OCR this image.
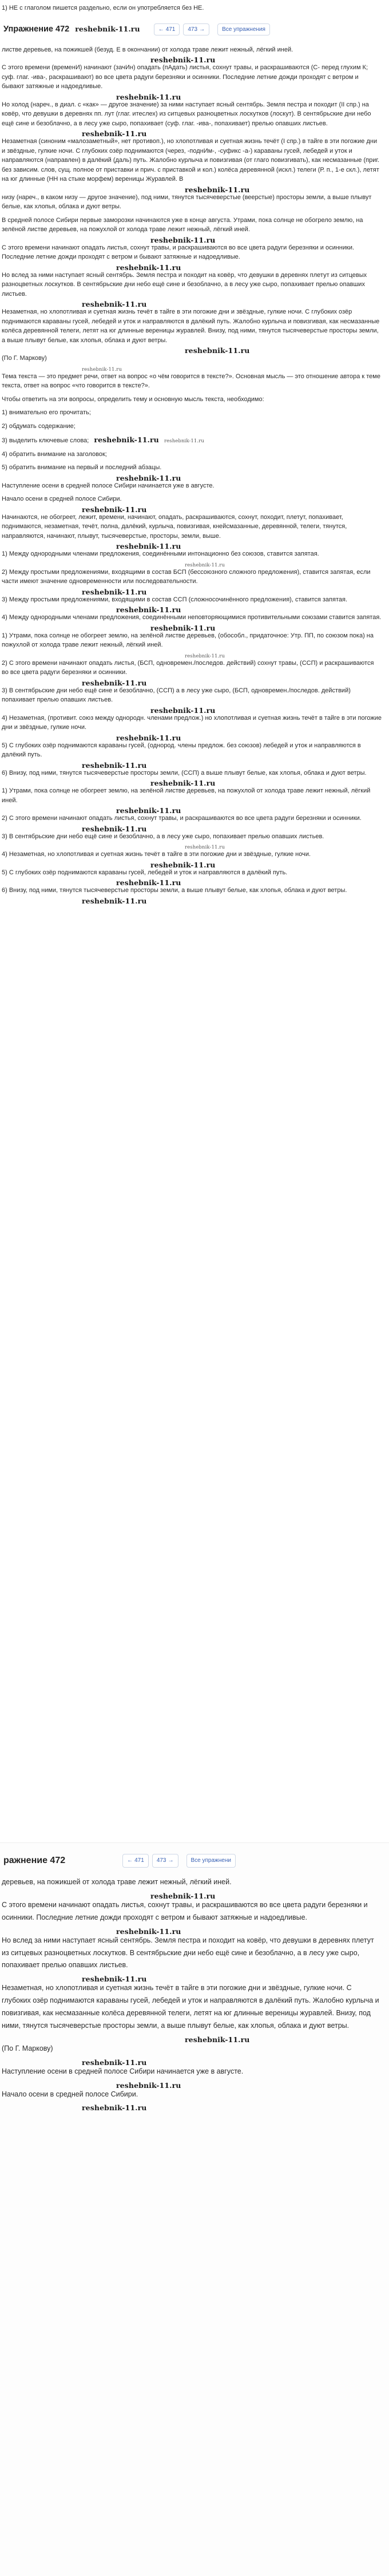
1) НЕ с глаголом пишется раздельно, если он употребляется без НЕ.

Упражнение 472 reshebnik-11.ru	← 471 473 →	Все упражнения

листве деревьев, на пожикшей (безуд. Е в окончании) от холода траве лежит нежный, лёгкий иней.

reshebnik-11.ru

С этого времени (временИ) начинают (зачИн) опадать (пАдать) листья, сохнут травы, и раскрашиваются (С- перед глухим К; суф. глаг. -ива-, раскрашивают) во все цвета радуги березняки и осинники. Последние летние дожди проходят с ветром и бывают затяжные и надоедливые.

reshebnik-11.ru

Но холод (нареч., в диал. с «как» — другое значение) за ними наступает ясный сентябрь. Земля пестра и походит (II спр.) на ковёр, что девушки в деревнях пп. лут (глаг. итеслех) из ситцевых разноцветных лоскутков (лоскут). В сентябрьские дни небо ещё сине и безоблачно, а в лесу уже сыро, попахивает (суф. глаг. -ива-, попахивает) прелью опавших листьев.

reshebnik-11.ru

Незаметная (синоним «малозаметный», нет противоп.), но хлопотливая и суетная жизнь течёт (I спр.) в тайге в эти погожие дни и звёздные, гулкие ночи. С глубоких озёр поднимаются (через, -поднИм-, -суфикс -а-) караваны гусей, лебедей и уток и направляются (направлен) в далёкий (даль) путь. Жалобно курлыча и повизгивая (от глаго повизгивать), как несмазанные (приг. без зависим. слов, сущ. полное от приставки и прич. с приставкой и кол.) колёса деревянной (искл.) телеги (Р. п., 1-е скл.), летят на юг длинные (НН на стыке морфем) вереницы Журавлей. В

reshebnik-11.ru

низу (нареч., в каком низу — другое значение), под ними, тянутся тысячеверстые (веерстые) просторы земли, а выше плывут белые, как хлопья, облака и дуют ветры.

В средней полосе Сибири первые заморозки начинаются уже в конце августа. Утрами, пока солнце не обогрело землю, на зелёной листве деревьев, на пожухлой от холода траве лежит нежный, лёгкий иней.

reshebnik-11.ru

С этого времени начинают опадать листья, сохнут травы, и раскрашиваются во все цвета радуги березняки и осинники. Последние летние дожди проходят с ветром и бывают затяжные и надоедливые.

reshebnik-11.ru

Но вслед за ними наступает ясный сентябрь. Земля пестра и походит на ковёр, что девушки в деревнях плетут из ситцевых разноцветных лоскутков. В сентябрьские дни небо ещё сине и безоблачно, а в лесу уже сыро, попахивает прелью опавших листьев.

reshebnik-11.ru

Незаметная, но хлопотливая и суетная жизнь течёт в тайге в эти погожие дни и звёздные, гулкие ночи. С глубоких озёр поднимаются караваны гусей, лебедей и уток и направляются в далёкий путь. Жалобно курлыча и повизгивая, как несмазанные колёса деревянной телеги, летят на юг длинные вереницы журавлей. Внизу, под ними, тянутся тысячеверстые просторы земли, а выше плывут белые, как хлопья, облака и дуют ветры.

reshebnik-11.ru

(По Г. Маркову)

reshebnik-11.ru

Тема текста — это предмет речи, ответ на вопрос «о чём говорится в тексте?». Основная мысль — это отношение автора к теме текста, ответ на вопрос «что говорится в тексте?».

Чтобы ответить на эти вопросы, определить тему и основную мысль текста, необходимо:

1) внимательно его прочитать;

2) обдумать содержание;

3) выделить ключевые слова; reshebnik-11.ru reshebnik-11.ru

4) обратить внимание на заголовок;

5) обратить внимание на первый и последний абзацы.

reshebnik-11.ru

Наступление осени в средней полосе Сибири начинается уже в августе.

Начало осени в средней полосе Сибири.

reshebnik-11.ru

Начинаются, не обогреет, лежит, времени, начинают, опадать, раскрашиваются, сохнут, походит, плетут, попахивает, поднимаются, незаметная, течёт, полна, далёкий, курлыча, повизгивая, кнейсмазанные, деревянной, телеги, тянутся, направляются, начинают, плывут, тысячеверстые, просторы, земли, выше.

reshebnik-11.ru

1) Между однородными членами предложения, соединёнными интонационно без союзов, ставится запятая.

reshebnik-11.ru

2) Между простыми предложениями, входящими в состав БСП (бессоюзного сложного предложения), ставится запятая, если части имеют значение одновременности или последовательности.

reshebnik-11.ru

3) Между простыми предложениями, входящими в состав ССП (сложносочинённого предложения), ставится запятая.

reshebnik-11.ru

4) Между однородными членами предложения, соединёнными неповторяющимися противительными союзами ставится запятая.

reshebnik-11.ru

1) Утрами, пока солнце не обогреет землю, на зелёной листве деревьев, (обособл., придаточное: Утр. ПП, по союзом пока) на пожухлой от холода траве лежит нежный, лёгкий иней.

reshebnik-11.ru

2) С этого времени начинают опадать листья, (БСП, одновремен./последов. действий) сохнут травы, (ССП) и раскрашиваются во все цвета радуги березняки и осинники.

reshebnik-11.ru

3) В сентябрьские дни небо ещё сине и безоблачно, (ССП) а в лесу уже сыро, (БСП, одновремен./последов. действий) попахивает прелью опавших листьев.

reshebnik-11.ru

4) Незаметная, (противит. союз между однородн. членами предлож.) но хлопотливая и суетная жизнь течёт в тайге в эти погожие дни и звёздные, гулкие ночи.

reshebnik-11.ru

5) С глубоких озёр поднимаются караваны гусей, (однород. члены предлож. без союзов) лебедей и уток и направляются в далёкий путь.

reshebnik-11.ru

6) Внизу, под ними, тянутся тысячеверстые просторы земли, (ССП) а выше плывут белые, как хлопья, облака и дуют ветры.

reshebnik-11.ru

1) Утрами, пока солнце не обогреет землю, на зелёной листве деревьев, на пожухлой от холода траве лежит нежный, лёгкий иней.

reshebnik-11.ru

2) С этого времени начинают опадать листья, сохнут травы, и раскрашиваются во все цвета радуги березняки и осинники.

reshebnik-11.ru

3) В сентябрьские дни небо ещё сине и безоблачно, а в лесу уже сыро, попахивает прелью опавших листьев.

reshebnik-11.ru

4) Незаметная, но хлопотливая и суетная жизнь течёт в тайге в эти погожие дни и звёздные, гулкие ночи.

reshebnik-11.ru

5) С глубоких озёр поднимаются караваны гусей, лебедей и уток и направляются в далёкий путь.

reshebnik-11.ru

6) Внизу, под ними, тянутся тысячеверстые просторы земли, а выше плывут белые, как хлопья, облака и дуют ветры.

reshebnik-11.ru
ражнение 472	← 471 473 →	Все упражнени

деревьев, на пожикшей от холода траве лежит нежный, лёгкий иней.

reshebnik-11.ru

С этого времени начинают опадать листья, сохнут травы, и раскрашиваются во все цвета радуги березняки и осинники. Последние летние дожди проходят с ветром и бывают затяжные и надоедливые.

reshebnik-11.ru

Но вслед за ними наступает ясный сентябрь. Земля пестра и походит на ковёр, что девушки в деревнях плетут из ситцевых разноцветных лоскутков. В сентябрьские дни небо ещё сине и безоблачно, а в лесу уже сыро, попахивает прелью опавших листьев.

reshebnik-11.ru

Незаметная, но хлопотливая и суетная жизнь течёт в тайге в эти погожие дни и звёздные, гулкие ночи. С глубоких озёр поднимаются караваны гусей, лебедей и уток и направляются в далёкий путь. Жалобно курлыча и повизгивая, как несмазанные колёса деревянной телеги, летят на юг длинные вереницы журавлей. Внизу, под ними, тянутся тысячеверстые просторы земли, а выше плывут белые, как хлопья, облака и дуют ветры.

reshebnik-11.ru

(По Г. Маркову)

reshebnik-11.ru

Наступление осени в средней полосе Сибири начинается уже в августе.

reshebnik-11.ru

Начало осени в средней полосе Сибири.

reshebnik-11.ru
